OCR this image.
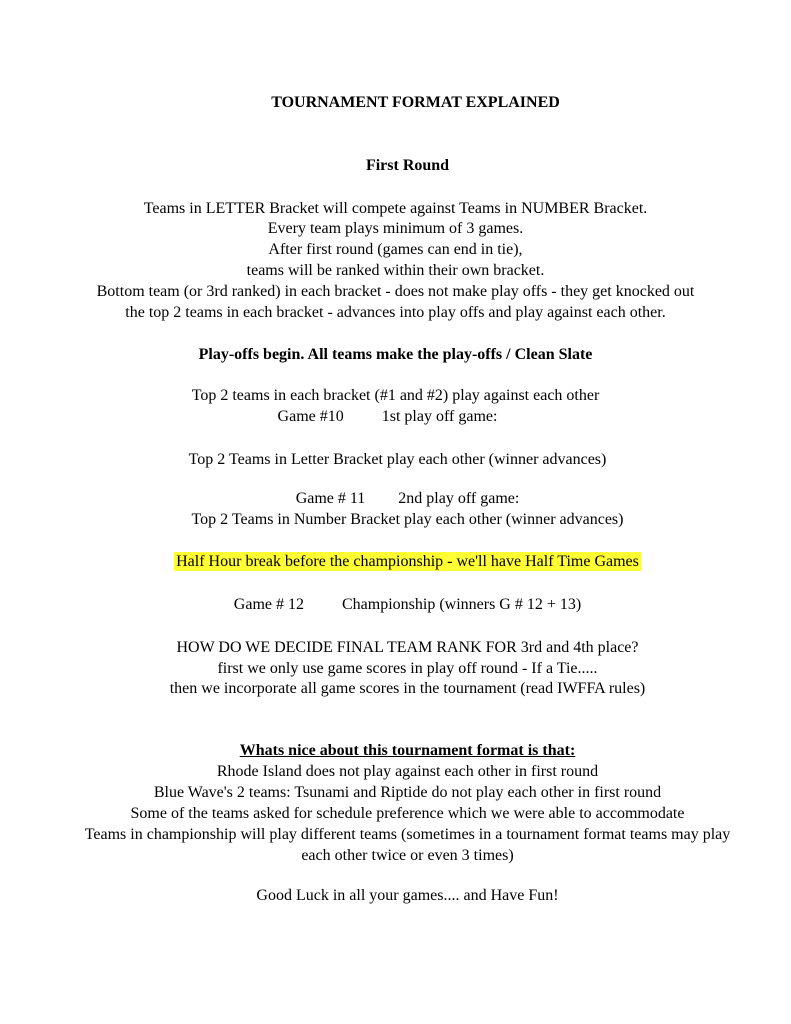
TOURNAMENT FORMAT EXPLAINED
First Round
Teams in LETTER Bracket will compete against Teams in NUMBER Bracket.
Every team plays minimum of 3 games.
After first round (games can end in tie),
teams will be ranked within their own bracket.
Bottom team (or 3rd ranked) in each bracket - does not make play offs - they get knocked out
the top 2 teams in each bracket - advances into play offs and play against each other.
Play-offs begin. All teams make the play-offs / Clean Slate
Top 2 teams in each bracket (#1 and #2) play against each other
Game #10 1st play off game:
Top 2 Teams in Letter Bracket play each other (winner advances)
Game # 11 2nd play off game:
Top 2 Teams in Number Bracket play each other (winner advances)
Half Hour break before the championship - we'll have Half Time Games
Game # 12 Championship (winners G # 12 + 13)
HOW DO WE DECIDE FINAL TEAM RANK FOR 3rd and 4th place?
first we only use game scores in play off round - If a Tie.....
then we incorporate all game scores in the tournament (read IWFFA rules)
Whats nice about this tournament format is that:
Rhode Island does not play against each other in first round
Blue Wave's 2 teams: Tsunami and Riptide do not play each other in first round
Some of the teams asked for schedule preference which we were able to accommodate
Teams in championship will play different teams (sometimes in a tournament format teams may play
each other twice or even 3 times)
Good Luck in all your games.... and Have Fun!
